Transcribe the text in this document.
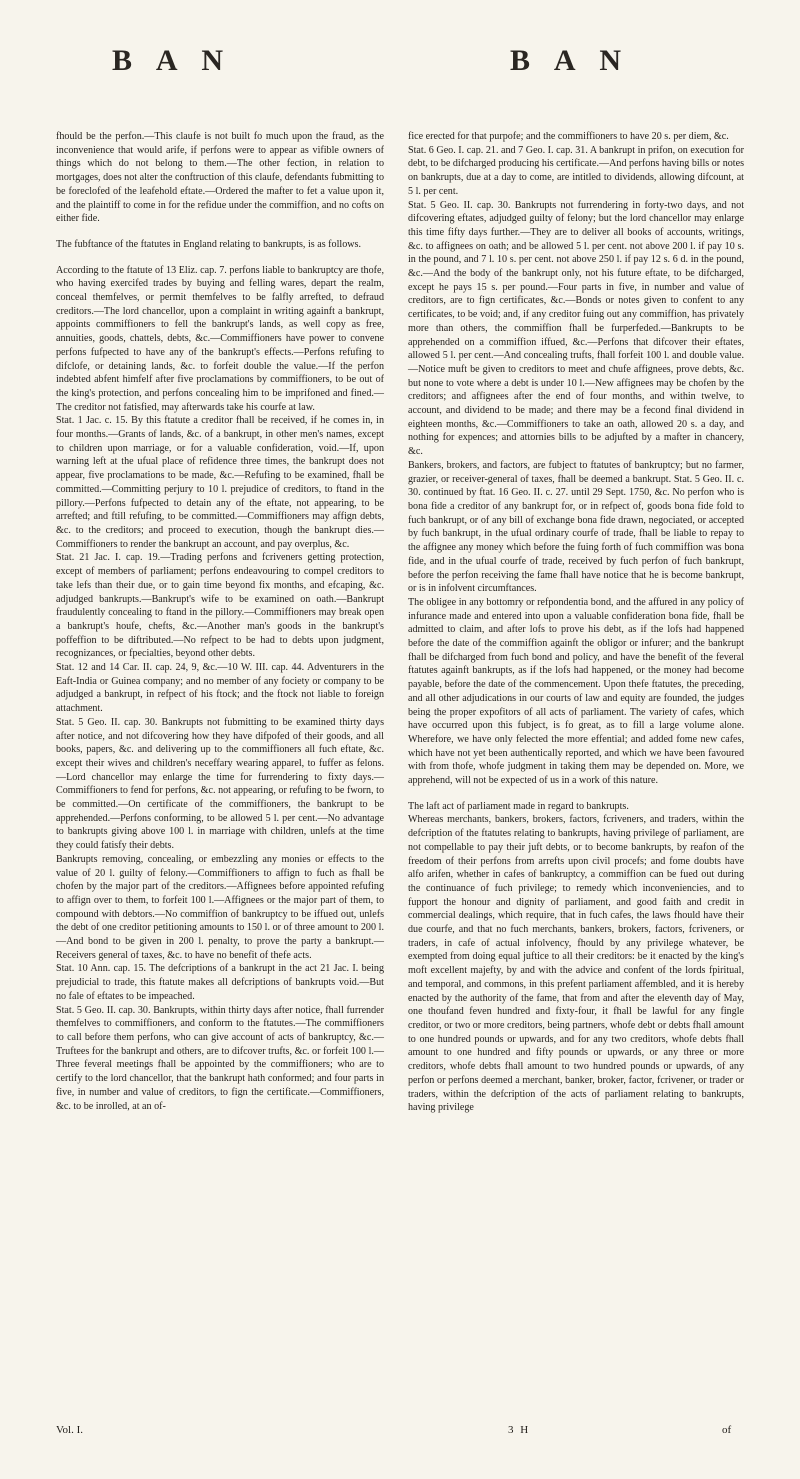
B A N	B A N

fhould be the perfon.—This claufe is not built fo much upon the fraud, as the inconvenience that would arife, if perfons were to appear as vifible owners of things which do not belong to them.—The other fection, in relation to mortgages, does not alter the conftruction of this claufe, defendants fubmitting to be foreclofed of the leafehold eftate.—Ordered the mafter to fet a value upon it, and the plaintiff to come in for the refidue under the commiffion, and no cofts on either fide.

The fubftance of the ftatutes in England relating to bankrupts, is as follows.

According to the ftatute of 13 Eliz. cap. 7. perfons liable to bankruptcy are thofe, who having exercifed trades by buying and felling wares, depart the realm, conceal themfelves, or permit themfelves to be falfly arrefted, to defraud creditors.—The lord chancellor, upon a complaint in writing againft a bankrupt, appoints commiffioners to fell the bankrupt's lands, as well copy as free, annuities, goods, chattels, debts, &c.—Commiffioners have power to convene perfons fufpected to have any of the bankrupt's effects.—Perfons refufing to difclofe, or detaining lands, &c. to forfeit double the value.—If the perfon indebted abfent himfelf after five proclamations by commiffioners, to be out of the king's protection, and perfons concealing him to be imprifoned and fined.—The creditor not fatisfied, may afterwards take his courfe at law.

Stat. 1 Jac. c. 15. By this ftatute a creditor fhall be received, if he comes in, in four months.—Grants of lands, &c. of a bankrupt, in other men's names, except to children upon marriage, or for a valuable confideration, void.—If, upon warning left at the ufual place of refidence three times, the bankrupt does not appear, five proclamations to be made, &c.—Refufing to be examined, fhall be committed.—Committing perjury to 10 l. prejudice of creditors, to ftand in the pillory.—Perfons fufpected to detain any of the eftate, not appearing, to be arrefted; and ftill refufing, to be committed.—Commiffioners may affign debts, &c. to the creditors; and proceed to execution, though the bankrupt dies.—Commiffioners to render the bankrupt an account, and pay overplus, &c.

Stat. 21 Jac. I. cap. 19.—Trading perfons and fcriveners getting protection, except of members of parliament; perfons endeavouring to compel creditors to take lefs than their due, or to gain time beyond fix months, and efcaping, &c. adjudged bankrupts.—Bankrupt's wife to be examined on oath.—Bankrupt fraudulently concealing to ftand in the pillory.—Commiffioners may break open a bankrupt's houfe, chefts, &c.—Another man's goods in the bankrupt's poffeffion to be diftributed.—No refpect to be had to debts upon judgment, recognizances, or fpecialties, beyond other debts.

Stat. 12 and 14 Car. II. cap. 24, 9, &c.—10 W. III. cap. 44. Adventurers in the Eaft-India or Guinea company; and no member of any fociety or company to be adjudged a bankrupt, in refpect of his ftock; and the ftock not liable to foreign attachment.

Stat. 5 Geo. II. cap. 30. Bankrupts not fubmitting to be examined thirty days after notice, and not difcovering how they have difpofed of their goods, and all books, papers, &c. and delivering up to the commiffioners all fuch eftate, &c. except their wives and children's neceffary wearing apparel, to fuffer as felons.—Lord chancellor may enlarge the time for furrendering to fixty days.—Commiffioners to fend for perfons, &c. not appearing, or refufing to be fworn, to be committed.—On certificate of the commiffioners, the bankrupt to be apprehended.—Perfons conforming, to be allowed 5 l. per cent.—No advantage to bankrupts giving above 100 l. in marriage with children, unlefs at the time they could fatisfy their debts.

Bankrupts removing, concealing, or embezzling any monies or effects to the value of 20 l. guilty of felony.—Commiffioners to affign to fuch as fhall be chofen by the major part of the creditors.—Affignees before appointed refufing to affign over to them, to forfeit 100 l.—Affignees or the major part of them, to compound with debtors.—No commiffion of bankruptcy to be iffued out, unlefs the debt of one creditor petitioning amounts to 150 l. or of three amount to 200 l.—And bond to be given in 200 l. penalty, to prove the party a bankrupt.—Receivers general of taxes, &c. to have no benefit of thefe acts.

Stat. 10 Ann. cap. 15. The defcriptions of a bankrupt in the act 21 Jac. I. being prejudicial to trade, this ftatute makes all defcriptions of bankrupts void.—But no fale of eftates to be impeached.

Stat. 5 Geo. II. cap. 30. Bankrupts, within thirty days after notice, fhall furrender themfelves to commiffioners, and conform to the ftatutes.—The commiffioners to call before them perfons, who can give account of acts of bankruptcy, &c.—Truftees for the bankrupt and others, are to difcover trufts, &c. or forfeit 100 l.—Three feveral meetings fhall be appointed by the commiffioners; who are to certify to the lord chancellor, that the bankrupt hath conformed; and four parts in five, in number and value of creditors, to fign the certificate.—Commiffioners, &c. to be inrolled, at an of-

fice erected for that purpofe; and the commiffioners to have 20 s. per diem, &c.

Stat. 6 Geo. I. cap. 21. and 7 Geo. I. cap. 31. A bankrupt in prifon, on execution for debt, to be difcharged producing his certificate.—And perfons having bills or notes on bankrupts, due at a day to come, are intitled to dividends, allowing difcount, at 5 l. per cent.

Stat. 5 Geo. II. cap. 30. Bankrupts not furrendering in forty-two days, and not difcovering eftates, adjudged guilty of felony; but the lord chancellor may enlarge this time fifty days further.—They are to deliver all books of accounts, writings, &c. to affignees on oath; and be allowed 5 l. per cent. not above 200 l. if pay 10 s. in the pound, and 7 l. 10 s. per cent. not above 250 l. if pay 12 s. 6 d. in the pound, &c.—And the body of the bankrupt only, not his future eftate, to be difcharged, except he pays 15 s. per pound.—Four parts in five, in number and value of creditors, are to fign certificates, &c.—Bonds or notes given to confent to any certificates, to be void; and, if any creditor fuing out any commiffion, has privately more than others, the commiffion fhall be furperfeded.—Bankrupts to be apprehended on a commiffion iffued, &c.—Perfons that difcover their eftates, allowed 5 l. per cent.—And concealing trufts, fhall forfeit 100 l. and double value.—Notice muft be given to creditors to meet and chufe affignees, prove debts, &c. but none to vote where a debt is under 10 l.—New affignees may be chofen by the creditors; and affignees after the end of four months, and within twelve, to account, and dividend to be made; and there may be a fecond final dividend in eighteen months, &c.—Commiffioners to take an oath, allowed 20 s. a day, and nothing for expences; and attornies bills to be adjufted by a mafter in chancery, &c.

Bankers, brokers, and factors, are fubject to ftatutes of bankruptcy; but no farmer, grazier, or receiver-general of taxes, fhall be deemed a bankrupt. Stat. 5 Geo. II. c. 30. continued by ftat. 16 Geo. II. c. 27. until 29 Sept. 1750, &c. No perfon who is bona fide a creditor of any bankrupt for, or in refpect of, goods bona fide fold to fuch bankrupt, or of any bill of exchange bona fide drawn, negociated, or accepted by fuch bankrupt, in the ufual ordinary courfe of trade, fhall be liable to repay to the affignee any money which before the fuing forth of fuch commiffion was bona fide, and in the ufual courfe of trade, received by fuch perfon of fuch bankrupt, before the perfon receiving the fame fhall have notice that he is become bankrupt, or is in infolvent circumftances.

The obligee in any bottomry or refpondentia bond, and the affured in any policy of infurance made and entered into upon a valuable confideration bona fide, fhall be admitted to claim, and after lofs to prove his debt, as if the lofs had happened before the date of the commiffion againft the obligor or infurer; and the bankrupt fhall be difcharged from fuch bond and policy, and have the benefit of the feveral ftatutes againft bankrupts, as if the lofs had happened, or the money had become payable, before the date of the commencement. Upon thefe ftatutes, the preceding, and all other adjudications in our courts of law and equity are founded, the judges being the proper expofitors of all acts of parliament. The variety of cafes, which have occurred upon this fubject, is fo great, as to fill a large volume alone. Wherefore, we have only felected the more effential; and added fome new cafes, which have not yet been authentically reported, and which we have been favoured with from thofe, whofe judgment in taking them may be depended on. More, we apprehend, will not be expected of us in a work of this nature.

The laft act of parliament made in regard to bankrupts.

Whereas merchants, bankers, brokers, factors, fcriveners, and traders, within the defcription of the ftatutes relating to bankrupts, having privilege of parliament, are not compellable to pay their juft debts, or to become bankrupts, by reafon of the freedom of their perfons from arrefts upon civil procefs; and fome doubts have alfo arifen, whether in cafes of bankruptcy, a commiffion can be fued out during the continuance of fuch privilege; to remedy which inconveniencies, and to fupport the honour and dignity of parliament, and good faith and credit in commercial dealings, which require, that in fuch cafes, the laws fhould have their due courfe, and that no fuch merchants, bankers, brokers, factors, fcriveners, or traders, in cafe of actual infolvency, fhould by any privilege whatever, be exempted from doing equal juftice to all their creditors: be it enacted by the king's moft excellent majefty, by and with the advice and confent of the lords fpiritual, and temporal, and commons, in this prefent parliament affembled, and it is hereby enacted by the authority of the fame, that from and after the eleventh day of May, one thoufand feven hundred and fixty-four, it fhall be lawful for any fingle creditor, or two or more creditors, being partners, whofe debt or debts fhall amount to one hundred pounds or upwards, and for any two creditors, whofe debts fhall amount to one hundred and fifty pounds or upwards, or any three or more creditors, whofe debts fhall amount to two hundred pounds or upwards, of any perfon or perfons deemed a merchant, banker, broker, factor, fcrivener, or trader or traders, within the defcription of the acts of parliament relating to bankrupts, having privilege

Vol. I.	3 H	of
